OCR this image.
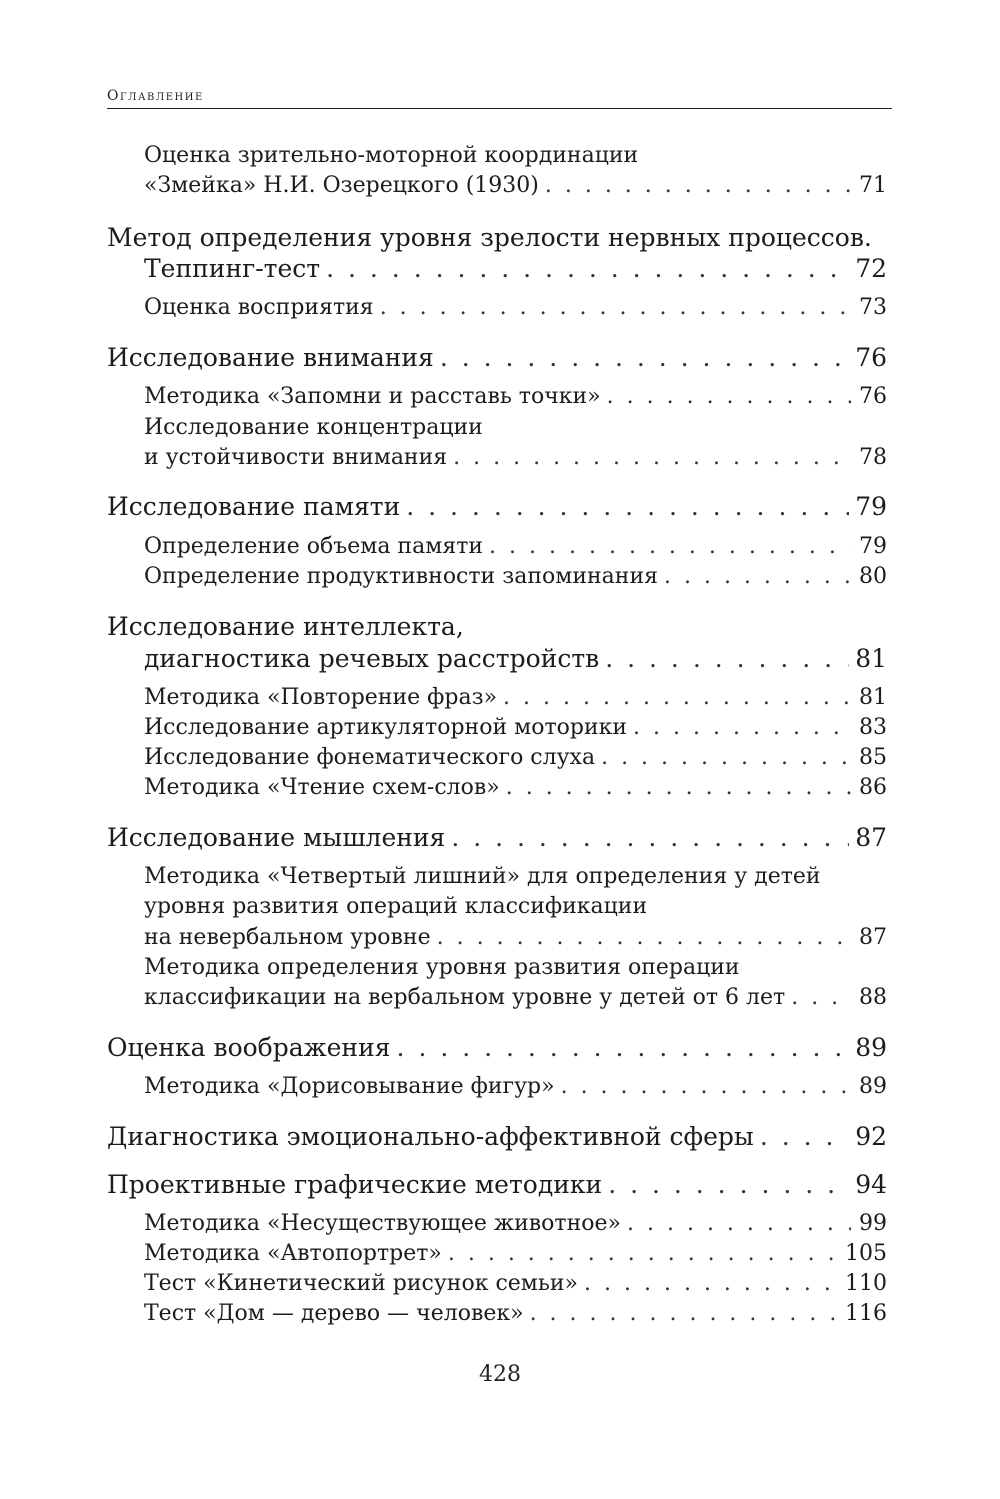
Оглавление
Оценка зрительно-моторной координации
«Змейка» Н.И. Озерецкого (1930) . . .	71
Метод определения уровня зрелости нервных процессов.
Теппинг-тест . . .	72
Оценка восприятия . . .	73
Исследование внимания . . .	76
Методика «Запомни и расставь точки» . . .	76
Исследование концентрации
и устойчивости внимания . . .	78
Исследование памяти . . .	79
Определение объема памяти . . .	79
Определение продуктивности запоминания . . .	80
Исследование интеллекта,
диагностика речевых расстройств . . .	81
Методика «Повторение фраз» . . .	81
Исследование артикуляторной моторики . . .	83
Исследование фонематического слуха . . .	85
Методика «Чтение схем-слов» . . .	86
Исследование мышления . . .	87
Методика «Четвертый лишний» для определения у детей
уровня развития операций классификации
на невербальном уровне . . .	87
Методика определения уровня развития операции
классификации на вербальном уровне у детей от 6 лет . . .	88
Оценка воображения . . .	89
Методика «Дорисовывание фигур» . . .	89
Диагностика эмоционально-аффективной сферы . . .	92
Проективные графические методики . . .	94
Методика «Несуществующее животное» . . .	99
Методика «Автопортрет» . . .	105
Тест «Кинетический рисунок семьи» . . .	110
Тест «Дом — дерево — человек» . . .	116
428
